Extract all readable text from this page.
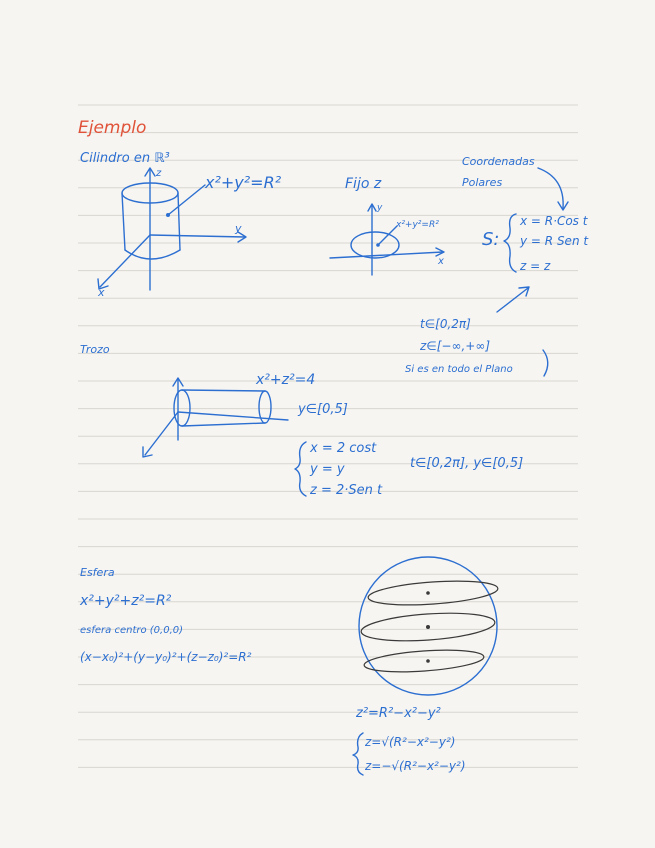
Ejemplo
Cilindro en ℝ³
z
y
x
x²+y²=R²	Fijo z
y
x
x²+y²=R²
Coordenadas
Polares
S:
x = R·Cos t
y = R Sen t
z = z
t∈[0,2π]
z∈[−∞,+∞]
Si es en todo el Plano
Trozo
x²+z²=4
y∈[0,5]
x = 2 cost
y = y
z = 2·Sen t
t∈[0,2π], y∈[0,5]
Esfera
x²+y²+z²=R²
esfera centro (0,0,0)
(x−x₀)²+(y−y₀)²+(z−z₀)²=R²
z²=R²−x²−y²
z=√(R²−x²−y²)
z=−√(R²−x²−y²)
